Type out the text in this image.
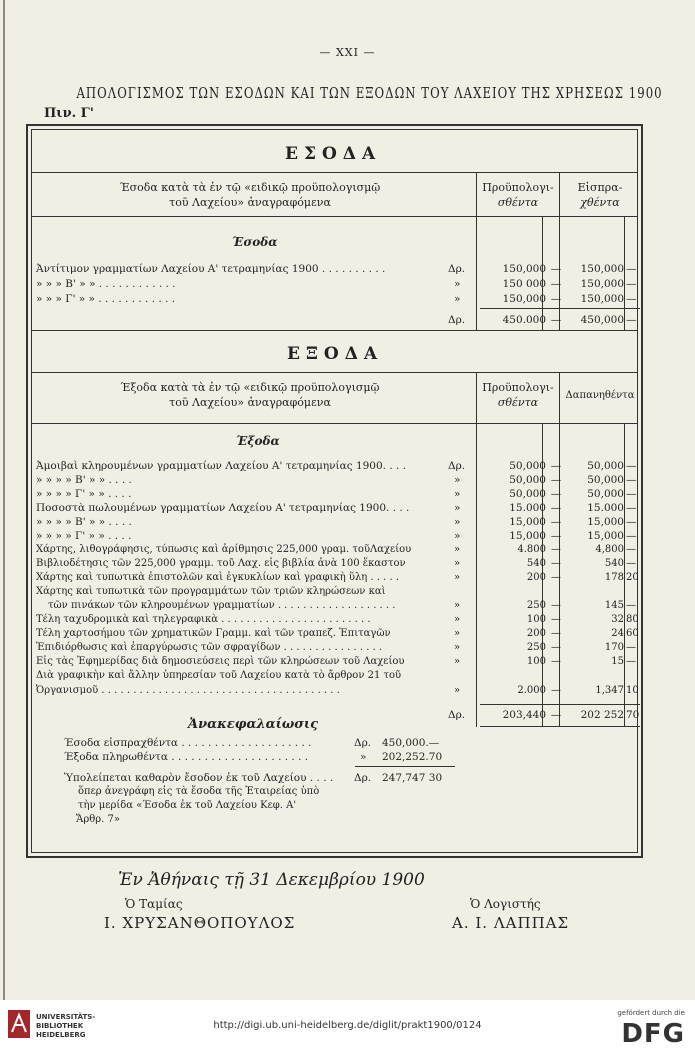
— XXI —
ΑΠΟΛΟΓΙΣΜΟΣ ΤΩΝ ΕΣΟΔΩΝ ΚΑΙ ΤΩΝ ΕΞΟΔΩΝ ΤΟΥ ΛΑΧΕΙΟΥ ΤΗΣ ΧΡΗΣΕΩΣ 1900
Πιν. Γ'
ΕΣΟΔΑ
Έσοδα κατὰ τὰ ἐν τῷ «ειδικῷ προϋπολογισμῷ
τοῦ Λαχείου» ἀναγραφόμενα
Προϋπολογι-
σθέντα
Εἰσπρα-
χθέντα
Έσοδα
Ἀντίτιμον γραμματίων Λαχείου Α' τετραμηνίας 1900 . . . . . . . . . .	Δρ.	150,000 —	150,000 —
» » » Β' » » . . . . . . . . . . . .	»	150 000 —	150,000 —
» » » Γ' » » . . . . . . . . . . . .	»	150,000 —	150,000 —
Δρ.	450.000 —	450,000 —
ΕΞΟΔΑ
Έξοδα κατὰ τὰ ἐν τῷ «ειδικῷ προϋπολογισμῷ
τοῦ Λαχείου» ἀναγραφόμενα
Προϋπολογι-
σθέντα
Δαπανηθέντα
Έξοδα
Ἀμοιβαὶ κληρουμένων γραμματίων Λαχείου Α' τετραμηνίας 1900. . . .	Δρ.	50,000 —	50,000 —
» » » » Β' » » . . . .	»	50,000 —	50,000 —
» » » » Γ' » » . . . .	»	50,000 —	50,000 —
Ποσοστὰ πωλουμένων γραμματίων Λαχείου Α' τετραμηνίας 1900. . . .	»	15.000 —	15.000 —
» » » » Β' » » . . . .	»	15,000 —	15,000 —
» » » » Γ' » » . . . .	»	15,000 —	15,000 —
Χάρτης, λιθογράφησις, τύπωσις καὶ ἀρίθμησις 225,000 γραμ. τοῦΛαχείου	»	4.800 —	4,800 —
Βιβλιοδέτησις τῶν 225,000 γραμμ. τοῦ Λαχ. εἰς βιβλία ἀνὰ 100 ἕκαστον	»	540 —	540 —
Χάρτης καὶ τυπωτικὰ ἐπιστολῶν καὶ ἐγκυκλίων καὶ γραφικὴ ὕλη . . . . .	»	200 —	178 20
Χάρτης καὶ τυπωτικὰ τῶν προγραμμάτων τῶν τριῶν κληρώσεων καὶ
τῶν πινάκων τῶν κληρουμένων γραμματίων . . . . . . . . . . . . . . . . . . .	»	250 —	145 —
Τέλη ταχυδρομικὰ καὶ τηλεγραφικὰ . . . . . . . . . . . . . . . . . . . . . . . .	»	100 —	32 80
Τέλη χαρτοσήμου τῶν χρηματικῶν Γραμμ. καὶ τῶν τραπεζ. Ἐπιταγῶν	»	200 —	24 60
Ἐπιδιόρθωσις καὶ ἐπαργύρωσις τῶν σφραγίδων . . . . . . . . . . . . . . . .	»	250 —	170 —
Εἰς τὰς Ἐφημερίδας διὰ δημοσιεύσεις περὶ τῶν κληρώσεων τοῦ Λαχείου	»	100 —	15 —
Διὰ γραφικὴν καὶ ἄλλην ὑπηρεσίαν τοῦ Λαχείου κατὰ τὸ ἄρθρον 21 τοῦ
Ὀργανισμοῦ . . . . . . . . . . . . . . . . . . . . . . . . . . . . . . . . . . . . . .	»	2.000 —	1,347 10
Δρ.	203,440 —	202 252 70
Ἀνακεφαλαίωσις
Έσοδα εἰσπραχθέντα . . . . . . . . . . . . . . . . . . . .	Δρ. 450,000.—
Έξοδα πληρωθέντα . . . . . . . . . . . . . . . . . . . . .	» 202,252.70
Ὑπολείπεται καθαρὸν ἔσοδον ἐκ τοῦ Λαχείου . . . . Δρ. 247,747 30
ὅπερ ἀνεγράφη εἰς τὰ ἔσοδα τῆς Ἑταιρείας ὑπὸ
τὴν μερίδα «Έσοδα ἐκ τοῦ Λαχείου Κεφ. Α'
Ἄρθρ. 7»
Ἐν Ἀθήναις τῇ 31 Δεκεμβρίου 1900
Ὁ Ταμίας
Ι. ΧΡΥΣΑΝΘΟΠΟΥΛΟΣ
Ὁ Λογιστής
Α. Ι. ΛΑΠΠΑΣ
UNIVERSITÄTS-
BIBLIOTHEK
HEIDELBERG
http://digi.ub.uni-heidelberg.de/diglit/prakt1900/0124
gefördert durch die
DFG
